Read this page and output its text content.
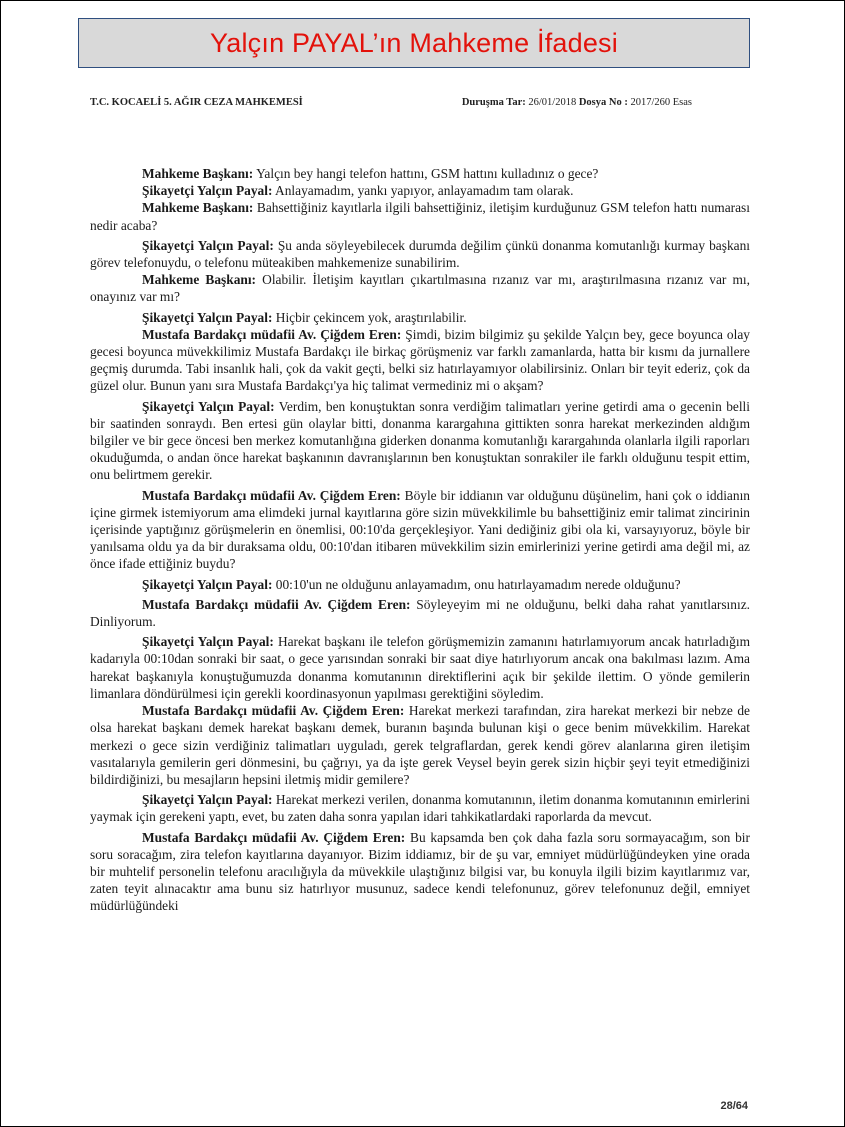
Yalçın PAYAL’ın Mahkeme İfadesi
T.C. KOCAELİ 5. AĞIR CEZA MAHKEMESİ	Duruşma Tar: 26/01/2018 Dosya No : 2017/260 Esas

Mahkeme Başkanı: Yalçın bey hangi telefon hattını, GSM hattını kulladınız o gece?

Şikayetçi Yalçın Payal: Anlayamadım, yankı yapıyor, anlayamadım tam olarak.

Mahkeme Başkanı: Bahsettiğiniz kayıtlarla ilgili bahsettiğiniz, iletişim kurduğunuz GSM telefon hattı numarası nedir acaba?

Şikayetçi Yalçın Payal: Şu anda söyleyebilecek durumda değilim çünkü donanma komutanlığı kurmay başkanı görev telefonuydu, o telefonu müteakiben mahkemenize sunabilirim.

Mahkeme Başkanı: Olabilir. İletişim kayıtları çıkartılmasına rızanız var mı, araştırılmasına rızanız var mı, onayınız var mı?

Şikayetçi Yalçın Payal: Hiçbir çekincem yok, araştırılabilir.

Mustafa Bardakçı müdafii Av. Çiğdem Eren: Şimdi, bizim bilgimiz şu şekilde Yalçın bey, gece boyunca olay gecesi boyunca müvekkilimiz Mustafa Bardakçı ile birkaç görüşmeniz var farklı zamanlarda, hatta bir kısmı da jurnallere geçmiş durumda. Tabi insanlık hali, çok da vakit geçti, belki siz hatırlayamıyor olabilirsiniz. Onları bir teyit ederiz, çok da güzel olur. Bunun yanı sıra Mustafa Bardakçı'ya hiç talimat vermediniz mi o akşam?

Şikayetçi Yalçın Payal: Verdim, ben konuştuktan sonra verdiğim talimatları yerine getirdi ama o gecenin belli bir saatinden sonraydı. Ben ertesi gün olaylar bitti, donanma karargahına gittikten sonra harekat merkezinden aldığım bilgiler ve bir gece öncesi ben merkez komutanlığına giderken donanma komutanlığı karargahında olanlarla ilgili raporları okuduğumda, o andan önce harekat başkanının davranışlarının ben konuştuktan sonrakiler ile farklı olduğunu tespit ettim, onu belirtmem gerekir.

Mustafa Bardakçı müdafii Av. Çiğdem Eren: Böyle bir iddianın var olduğunu düşünelim, hani çok o iddianın içine girmek istemiyorum ama elimdeki jurnal kayıtlarına göre sizin müvekkilimle bu bahsettiğiniz emir talimat zincirinin içerisinde yaptığınız görüşmelerin en önemlisi, 00:10'da gerçekleşiyor. Yani dediğiniz gibi ola ki, varsayıyoruz, böyle bir yanılsama oldu ya da bir duraksama oldu, 00:10'dan itibaren müvekkilim sizin emirlerinizi yerine getirdi ama değil mi, az önce ifade ettiğiniz buydu?

Şikayetçi Yalçın Payal: 00:10'un ne olduğunu anlayamadım, onu hatırlayamadım nerede olduğunu?

Mustafa Bardakçı müdafii Av. Çiğdem Eren: Söyleyeyim mi ne olduğunu, belki daha rahat yanıtlarsınız. Dinliyorum.

Şikayetçi Yalçın Payal: Harekat başkanı ile telefon görüşmemizin zamanını hatırlamıyorum ancak hatırladığım kadarıyla 00:10dan sonraki bir saat, o gece yarısından sonraki bir saat diye hatırlıyorum ancak ona bakılması lazım. Ama harekat başkanıyla konuştuğumuzda donanma komutanının direktiflerini açık bir şekilde ilettim. O yönde gemilerin limanlara döndürülmesi için gerekli koordinasyonun yapılması gerektiğini söyledim.

Mustafa Bardakçı müdafii Av. Çiğdem Eren: Harekat merkezi tarafından, zira harekat merkezi bir nebze de olsa harekat başkanı demek harekat başkanı demek, buranın başında bulunan kişi o gece benim müvekkilim. Harekat merkezi o gece sizin verdiğiniz talimatları uyguladı, gerek telgraflardan, gerek kendi görev alanlarına giren iletişim vasıtalarıyla gemilerin geri dönmesini, bu çağrıyı, ya da işte gerek Veysel beyin gerek sizin hiçbir şeyi teyit etmediğinizi bildirdiğinizi, bu mesajların hepsini iletmiş midir gemilere?

Şikayetçi Yalçın Payal: Harekat merkezi verilen, donanma komutanının, iletim donanma komutanının emirlerini yaymak için gerekeni yaptı, evet, bu zaten daha sonra yapılan idari tahkikatlardaki raporlarda da mevcut.

Mustafa Bardakçı müdafii Av. Çiğdem Eren: Bu kapsamda ben çok daha fazla soru sormayacağım, son bir soru soracağım, zira telefon kayıtlarına dayanıyor. Bizim iddiamız, bir de şu var, emniyet müdürlüğündeyken yine orada bir muhtelif personelin telefonu aracılığıyla da müvekkile ulaştığınız bilgisi var, bu konuyla ilgili bizim kayıtlarımız var, zaten teyit alınacaktır ama bunu siz hatırlıyor musunuz, sadece kendi telefonunuz, görev telefonunuz değil, emniyet müdürlüğündeki

28/64
